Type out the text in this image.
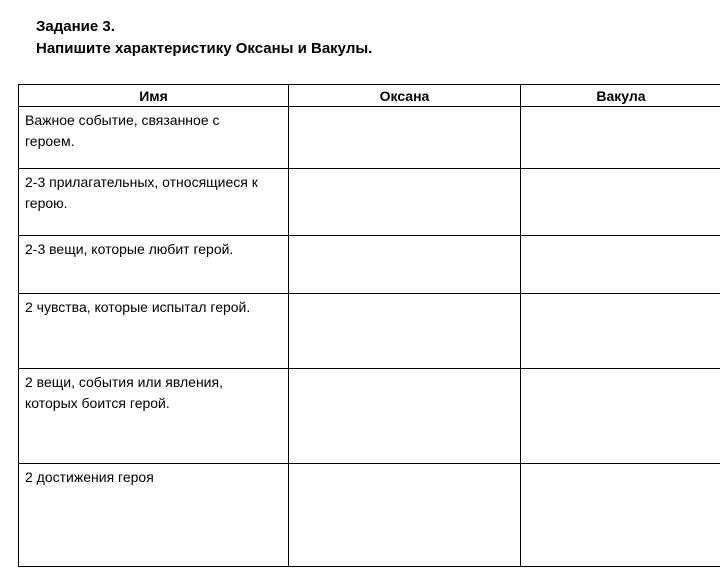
Задание 3.
Напишите характеристику Оксаны и Вакулы.
Имя	Оксана	Вакула

Важное событие, связанное с героем.		

2-3 прилагательных, относящиеся к герою.		

2-3 вещи, которые любит герой.		

2 чувства, которые испытал герой.		

2 вещи, события или явления, которых боится герой.		

2 достижения героя		
